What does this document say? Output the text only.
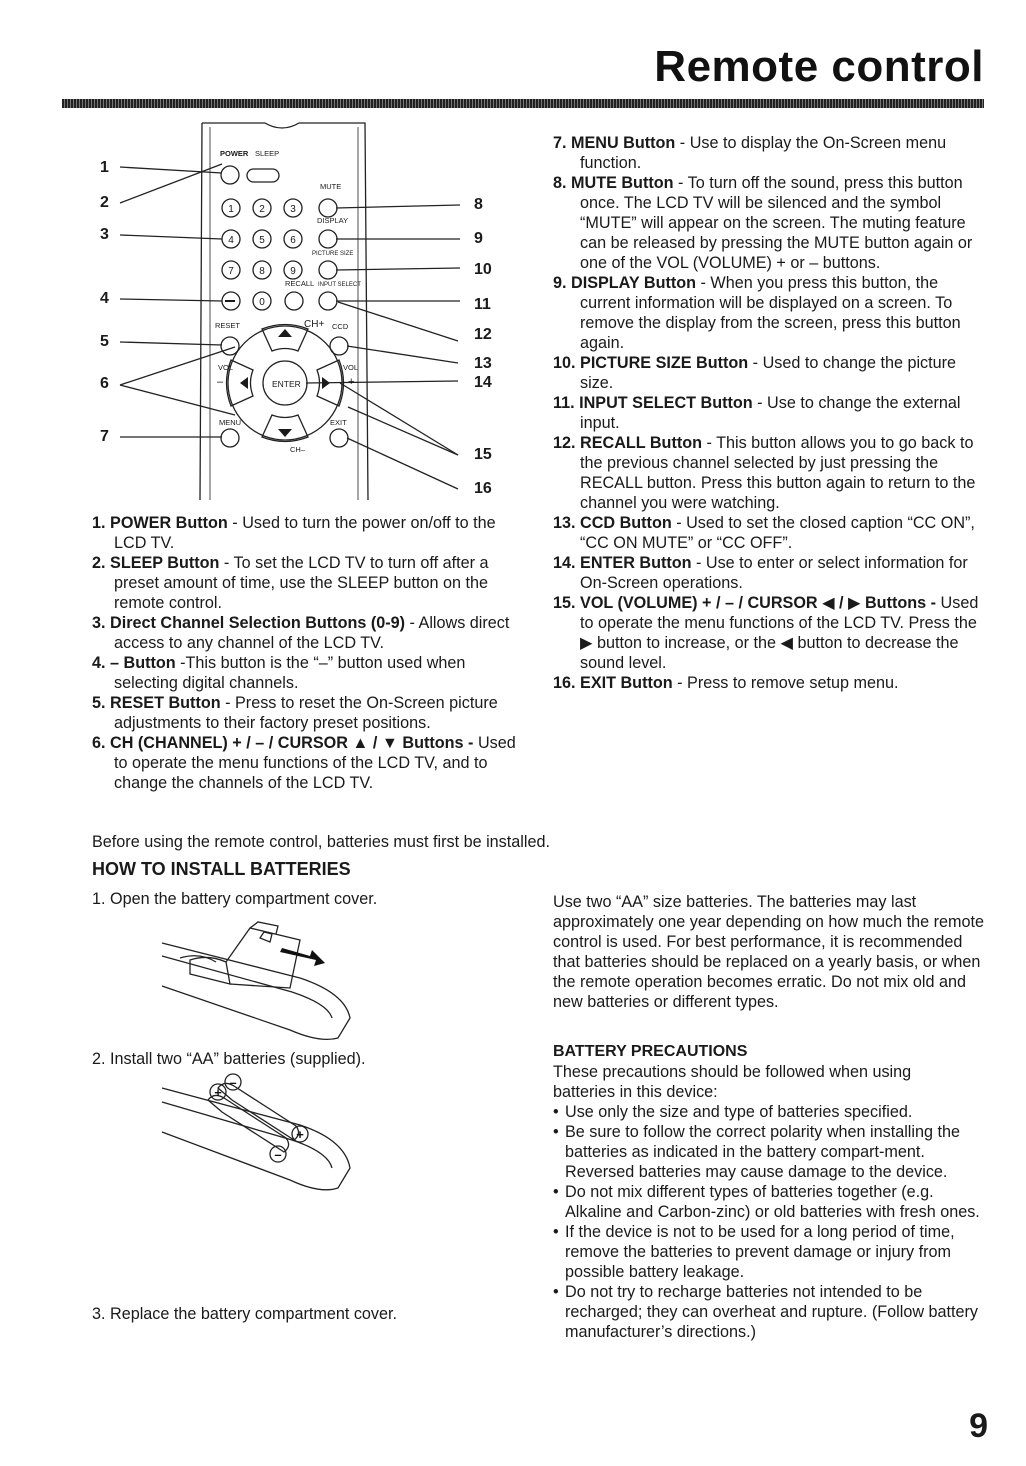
Remote control
POWER SLEEP
MUTE
DISPLAY
PICTURE SIZE
RECALL INPUT SELECT
RESET	CH+ CCD
VOL	VOL
–	+
ENTER
MENU	EXIT
CH–
1	2	3
4	5	6
7	8	9
0
1
2
3
4
5
6
7
8
9
10
11
12
13
14
15
16

1. POWER Button - Used to turn the power on/off to the LCD TV.

2. SLEEP Button - To set the LCD TV to turn off after a preset amount of time, use the SLEEP button on the remote control.

3. Direct Channel Selection Buttons (0-9) - Allows direct access to any channel of the LCD TV.

4. – Button -This button is the “–” button used when selecting digital channels.

5. RESET Button - Press to reset the On-Screen picture adjustments to their factory preset positions.

6. CH (CHANNEL) + / – / CURSOR ▲ / ▼ Buttons - Used to operate the menu functions of the LCD TV, and to change the channels of the LCD TV.

7. MENU Button - Use to display the On-Screen menu function.

8. MUTE Button - To turn off the sound, press this button once. The LCD TV will be silenced and the symbol “MUTE” will appear on the screen. The muting feature can be released by pressing the MUTE button again or one of the VOL (VOLUME) + or – buttons.

9. DISPLAY Button - When you press this button, the current information will be displayed on a screen. To remove the display from the screen, press this button again.

10. PICTURE SIZE Button - Used to change the picture size.

11. INPUT SELECT Button - Use to change the external input.

12. RECALL Button - This button allows you to go back to the previous channel selected by just pressing the RECALL button. Press this button again to return to the channel you were watching.

13. CCD Button - Used to set the closed caption “CC ON”, “CC ON MUTE” or “CC OFF”.

14. ENTER Button - Use to enter or select information for On-Screen operations.

15. VOL (VOLUME) + / – / CURSOR ◀ / ▶ Buttons - Used to operate the menu functions of the LCD TV. Press the ▶ button to increase, or the ◀ button to decrease the sound level.

16. EXIT Button - Press to remove setup menu.

Before using the remote control, batteries must first be installed.
HOW TO INSTALL BATTERIES
1. Open the battery compartment cover.
2. Install two “AA” batteries (supplied).
+
–
+
–
3. Replace the battery compartment cover.
Use two “AA” size batteries. The batteries may last approximately one year depending on how much the remote control is used. For best performance, it is recommended that batteries should be replaced on a yearly basis, or when the remote operation becomes erratic. Do not mix old and new batteries or different types.
BATTERY PRECAUTIONS
These precautions should be followed when using batteries in this device:
• Use only the size and type of batteries specified.
• Be sure to follow the correct polarity when installing the batteries as indicated in the battery compart-ment. Reversed batteries may cause damage to the device.
• Do not mix different types of batteries together (e.g. Alkaline and Carbon-zinc) or old batteries with fresh ones.
• If the device is not to be used for a long period of time, remove the batteries to prevent damage or injury from possible battery leakage.
• Do not try to recharge batteries not intended to be recharged; they can overheat and rupture. (Follow battery manufacturer’s directions.)
9
